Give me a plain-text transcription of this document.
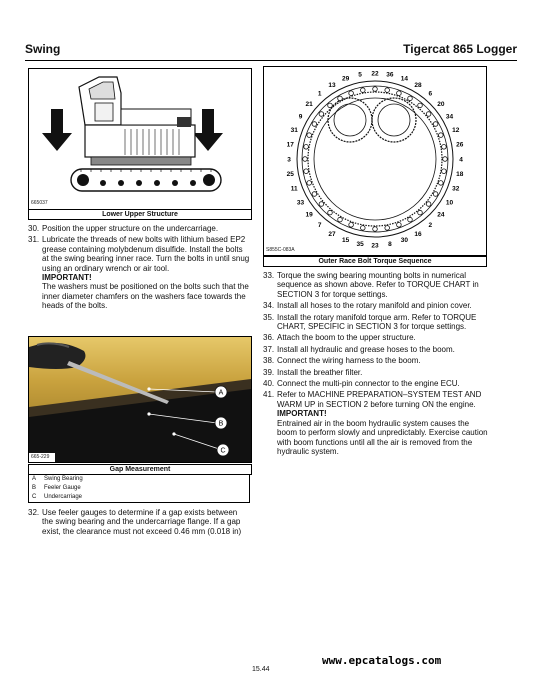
Swing	Tigercat 865 Logger
665037
Lower Upper Structure
30. Position the upper structure on the undercarriage.
31. Lubricate the threads of new bolts with lithium based EP2 grease containing molybdenum disulfide. Install the bolts at the swing bearing inner race. Turn the bolts in until snug using an ordinary wrench or air tool.
IMPORTANT!
The washers must be positioned on the bolts such that the inner diameter chamfers on the washers face towards the heads of the bolts.
A
B
C
665-229
Gap Measurement
A Swing Bearing
B Feeler Gauge
C Undercarriage
32. Use feeler gauges to determine if a gap exists between the swing bearing and the undercarriage flange. If a gap exist, the clearance must not exceed 0.46 mm (0.018 in)
22 36
14
28
6
20
34
12
26
4
18
32
10
24
2
16
30
8
23
35
15
27
7
19
33
11
25
3
17
31
9
21
1
13
29
5
S855C-083A
Outer Race Bolt Torque Sequence
33. Torque the swing bearing mounting bolts in numerical sequence as shown above. Refer to TORQUE CHART in SECTION 3 for torque settings.
34. Install all hoses to the rotary manifold and pinion cover.
35. Install the rotary manifold torque arm. Refer to TORQUE CHART, SPECIFIC in SECTION 3 for torque settings.
36. Attach the boom to the upper structure.
37. Install all hydraulic and grease hoses to the boom.
38. Connect the wiring harness to the boom.
39. Install the breather filter.
40. Connect the multi-pin connector to the engine ECU.
41. Refer to MACHINE PREPARATION–SYSTEM TEST AND WARM UP in SECTION 2 before turning ON the engine.
IMPORTANT!
Entrained air in the boom hydraulic system causes the boom to perform slowly and unpredictably. Exercise caution with boom functions until all the air is removed from the hydraulic system.
15.44
www.epcatalogs.com
